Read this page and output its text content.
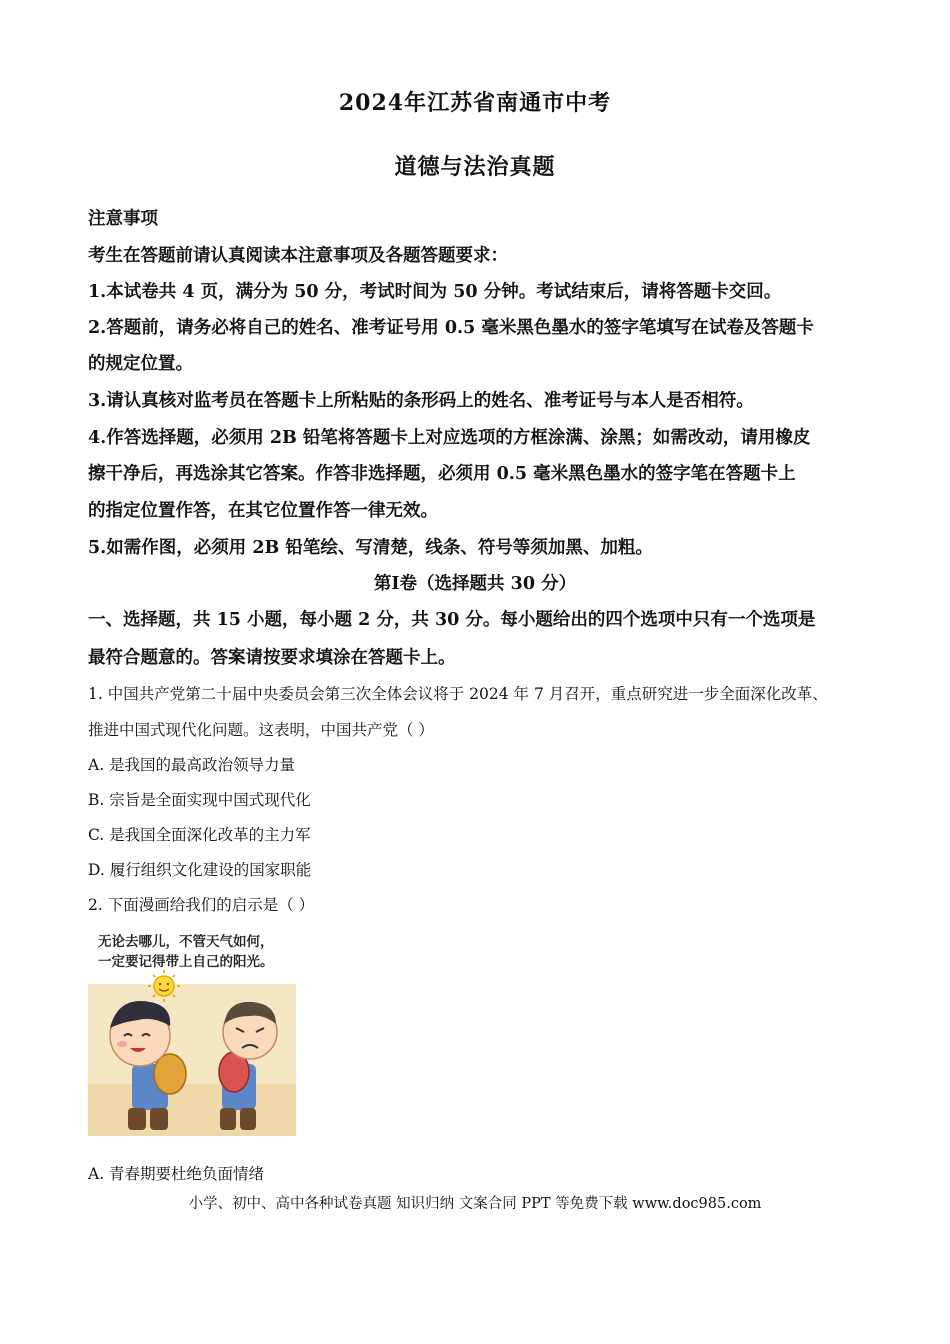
2024年江苏省南通市中考
道德与法治真题
注意事项
考生在答题前请认真阅读本注意事项及各题答题要求：
1.本试卷共 4 页，满分为 50 分，考试时间为 50 分钟。考试结束后，请将答题卡交回。
2.答题前，请务必将自己的姓名、准考证号用 0.5 毫米黑色墨水的签字笔填写在试卷及答题卡
的规定位置。
3.请认真核对监考员在答题卡上所粘贴的条形码上的姓名、准考证号与本人是否相符。
4.作答选择题，必须用 2B 铅笔将答题卡上对应选项的方框涂满、涂黑；如需改动，请用橡皮
擦干净后，再选涂其它答案。作答非选择题，必须用 0.5 毫米黑色墨水的签字笔在答题卡上
的指定位置作答，在其它位置作答一律无效。
5.如需作图，必须用 2B 铅笔绘、写清楚，线条、符号等须加黑、加粗。
第Ⅰ卷（选择题共 30 分）
一、选择题，共 15 小题，每小题 2 分，共 30 分。每小题给出的四个选项中只有一个选项是
最符合题意的。答案请按要求填涂在答题卡上。
1. 中国共产党第二十届中央委员会第三次全体会议将于 2024 年 7 月召开，重点研究进一步全面深化改革、
推进中国式现代化问题。这表明，中国共产党（ ）
A. 是我国的最高政治领导力量
B. 宗旨是全面实现中国式现代化
C. 是我国全面深化改革的主力军
D. 履行组织文化建设的国家职能
2. 下面漫画给我们的启示是（ ）
无论去哪儿，不管天气如何，
一定要记得带上自己的阳光。
A. 青春期要杜绝负面情绪
小学、初中、高中各种试卷真题 知识归纳 文案合同 PPT 等免费下载 www.doc985.com
